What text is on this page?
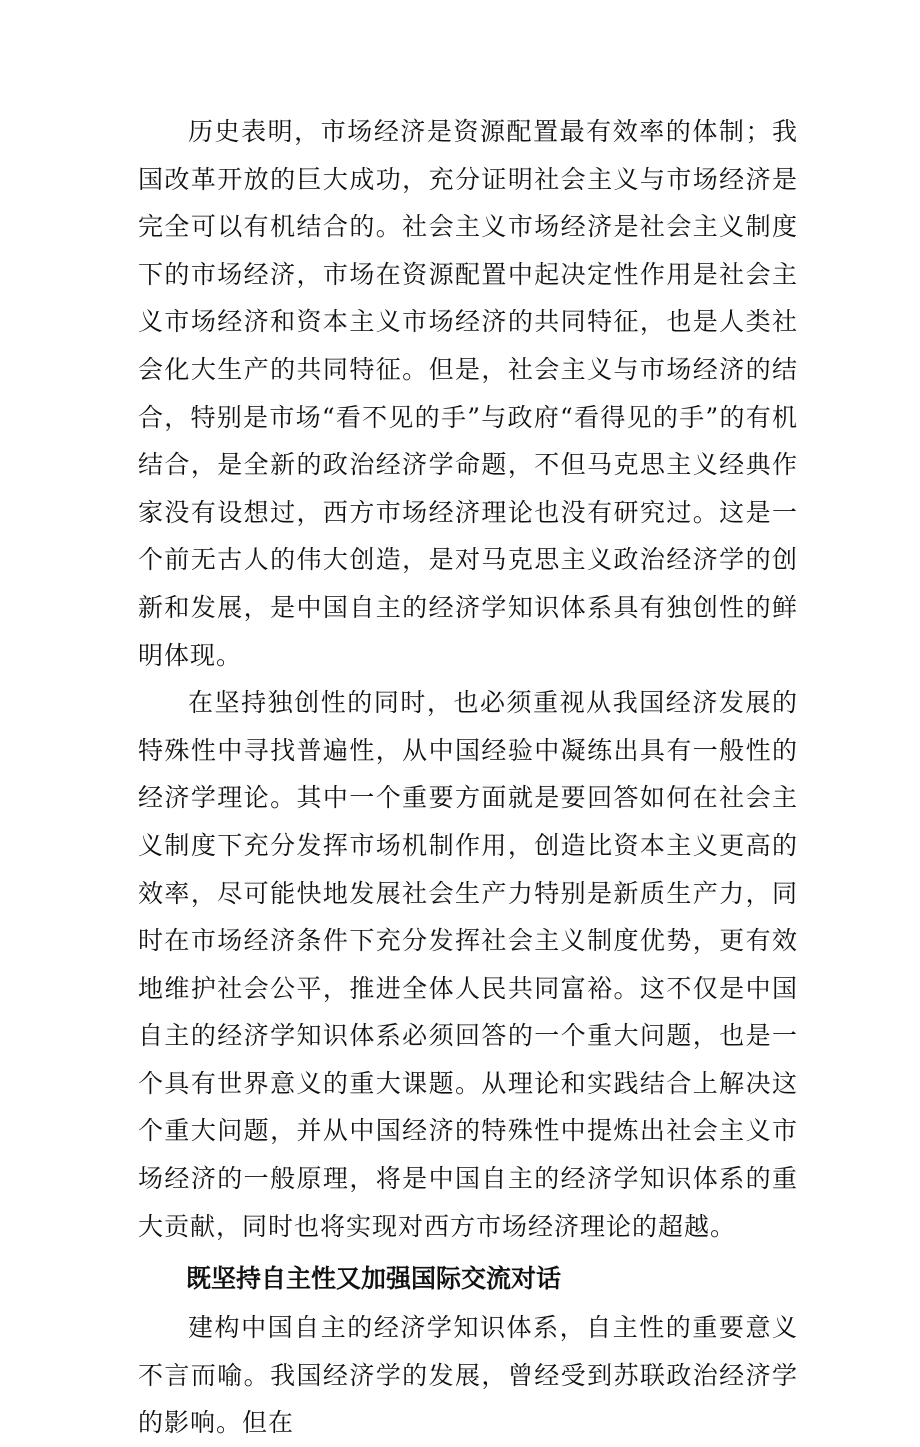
历史表明，市场经济是资源配置最有效率的体制；我国改革开放的巨大成功，充分证明社会主义与市场经济是完全可以有机结合的。社会主义市场经济是社会主义制度下的市场经济，市场在资源配置中起决定性作用是社会主义市场经济和资本主义市场经济的共同特征，也是人类社会化大生产的共同特征。但是，社会主义与市场经济的结合，特别是市场“看不见的手”与政府“看得见的手”的有机结合，是全新的政治经济学命题，不但马克思主义经典作家没有设想过，西方市场经济理论也没有研究过。这是一个前无古人的伟大创造，是对马克思主义政治经济学的创新和发展，是中国自主的经济学知识体系具有独创性的鲜明体现。

在坚持独创性的同时，也必须重视从我国经济发展的特殊性中寻找普遍性，从中国经验中凝练出具有一般性的经济学理论。其中一个重要方面就是要回答如何在社会主义制度下充分发挥市场机制作用，创造比资本主义更高的效率，尽可能快地发展社会生产力特别是新质生产力，同时在市场经济条件下充分发挥社会主义制度优势，更有效地维护社会公平，推进全体人民共同富裕。这不仅是中国自主的经济学知识体系必须回答的一个重大问题，也是一个具有世界意义的重大课题。从理论和实践结合上解决这个重大问题，并从中国经济的特殊性中提炼出社会主义市场经济的一般原理，将是中国自主的经济学知识体系的重大贡献，同时也将实现对西方市场经济理论的超越。

既坚持自主性又加强国际交流对话

建构中国自主的经济学知识体系，自主性的重要意义不言而喻。我国经济学的发展，曾经受到苏联政治经济学的影响。但在
